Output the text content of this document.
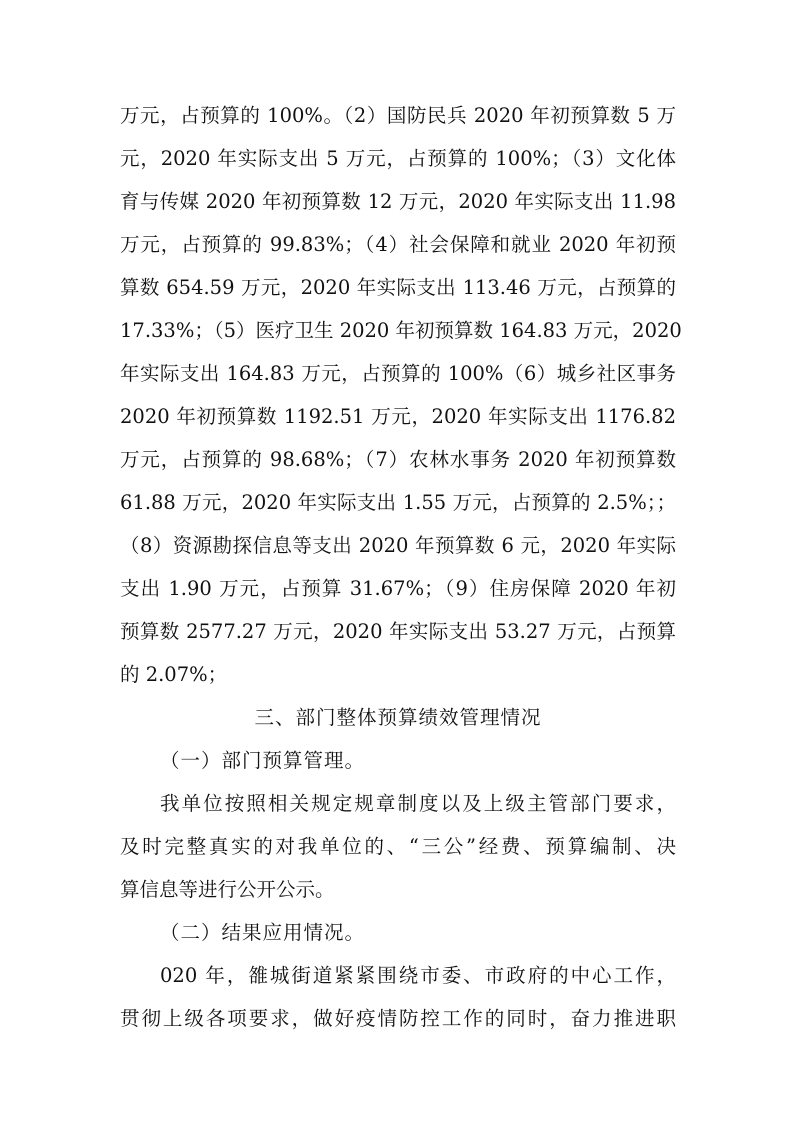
万元，占预算的 100%。（2）国防民兵 2020 年初预算数 5 万
元，2020 年实际支出 5 万元，占预算的 100%；（3）文化体
育与传媒 2020 年初预算数 12 万元，2020 年实际支出 11.98
万元，占预算的 99.83%；（4）社会保障和就业 2020 年初预
算数 654.59 万元，2020 年实际支出 113.46 万元，占预算的
17.33%；（5）医疗卫生 2020 年初预算数 164.83 万元，2020
年实际支出 164.83 万元，占预算的 100%（6）城乡社区事务
2020 年初预算数 1192.51 万元，2020 年实际支出 1176.82
万元，占预算的 98.68%；（7）农林水事务 2020 年初预算数
61.88 万元，2020 年实际支出 1.55 万元，占预算的 2.5%；；
（8）资源勘探信息等支出 2020 年预算数 6 元，2020 年实际
支出 1.90 万元，占预算 31.67%；（9）住房保障 2020 年初
预算数 2577.27 万元，2020 年实际支出 53.27 万元，占预算
的 2.07%；
三、部门整体预算绩效管理情况
（一）部门预算管理。
我单位按照相关规定规章制度以及上级主管部门要求，
及时完整真实的对我单位的、“三公”经费、预算编制、决
算信息等进行公开公示。
（二）结果应用情况。
020 年，雒城街道紧紧围绕市委、市政府的中心工作，
贯彻上级各项要求，做好疫情防控工作的同时，奋力推进职
